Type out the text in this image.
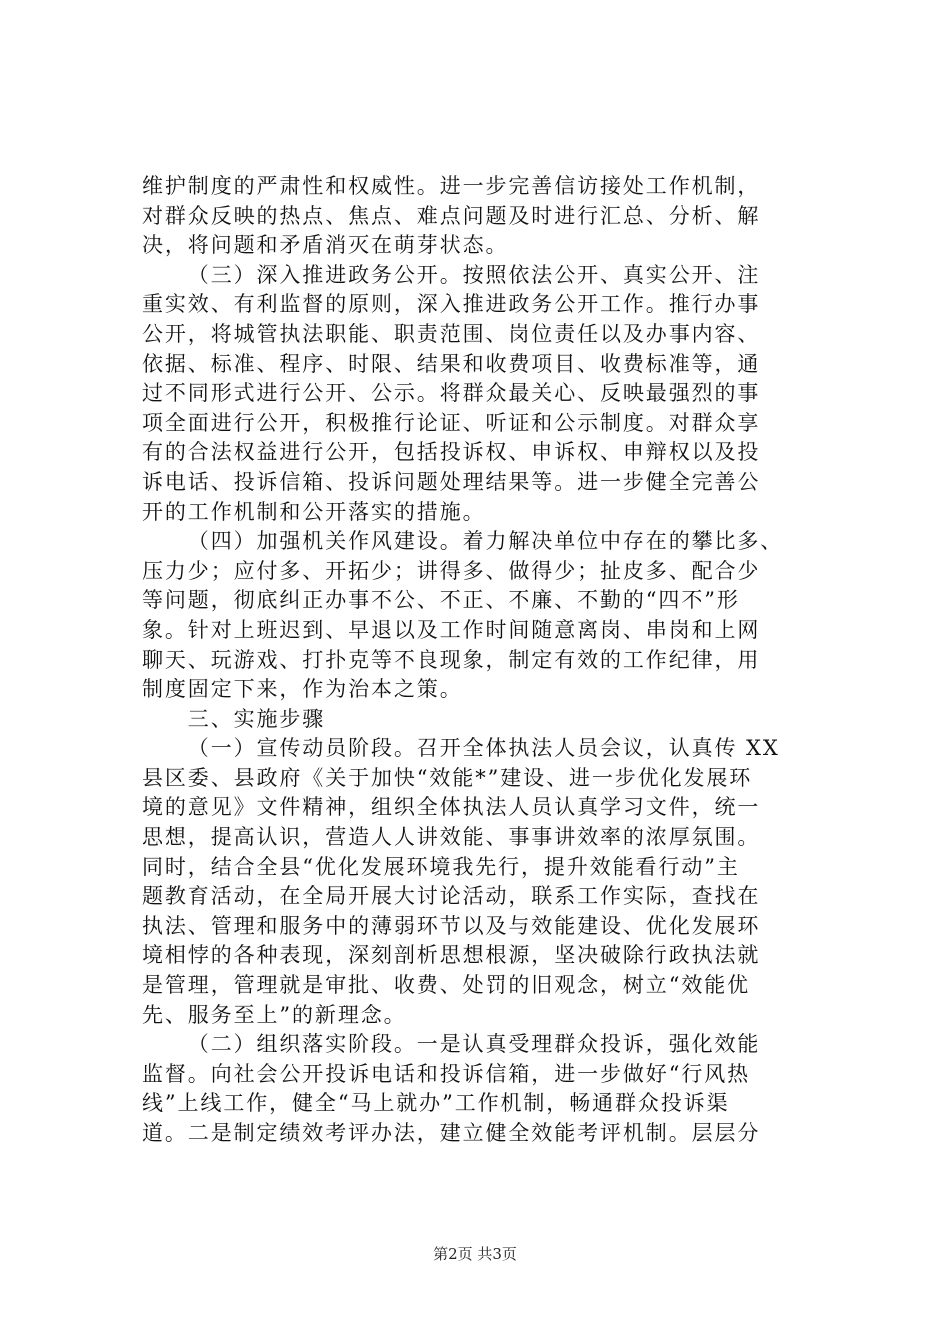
维护制度的严肃性和权威性。进一步完善信访接处工作机制，
对群众反映的热点、焦点、难点问题及时进行汇总、分析、解
决，将问题和矛盾消灭在萌芽状态。
（三）深入推进政务公开。按照依法公开、真实公开、注
重实效、有利监督的原则，深入推进政务公开工作。推行办事
公开，将城管执法职能、职责范围、岗位责任以及办事内容、
依据、标准、程序、时限、结果和收费项目、收费标准等，通
过不同形式进行公开、公示。将群众最关心、反映最强烈的事
项全面进行公开，积极推行论证、听证和公示制度。对群众享
有的合法权益进行公开，包括投诉权、申诉权、申辩权以及投
诉电话、投诉信箱、投诉问题处理结果等。进一步健全完善公
开的工作机制和公开落实的措施。
（四）加强机关作风建设。着力解决单位中存在的攀比多、
压力少；应付多、开拓少；讲得多、做得少；扯皮多、配合少
等问题，彻底纠正办事不公、不正、不廉、不勤的“四不”形
象。针对上班迟到、早退以及工作时间随意离岗、串岗和上网
聊天、玩游戏、打扑克等不良现象，制定有效的工作纪律，用
制度固定下来，作为治本之策。
三、实施步骤
（一）宣传动员阶段。召开全体执法人员会议，认真传 XX
县区委、县政府《关于加快“效能*”建设、进一步优化发展环
境的意见》文件精神，组织全体执法人员认真学习文件，统一
思想，提高认识，营造人人讲效能、事事讲效率的浓厚氛围。
同时，结合全县“优化发展环境我先行，提升效能看行动”主
题教育活动，在全局开展大讨论活动，联系工作实际，查找在
执法、管理和服务中的薄弱环节以及与效能建设、优化发展环
境相悖的各种表现，深刻剖析思想根源，坚决破除行政执法就
是管理，管理就是审批、收费、处罚的旧观念，树立“效能优
先、服务至上”的新理念。
（二）组织落实阶段。一是认真受理群众投诉，强化效能
监督。向社会公开投诉电话和投诉信箱，进一步做好“行风热
线”上线工作，健全“马上就办”工作机制，畅通群众投诉渠
道。二是制定绩效考评办法，建立健全效能考评机制。层层分
第2页 共3页
